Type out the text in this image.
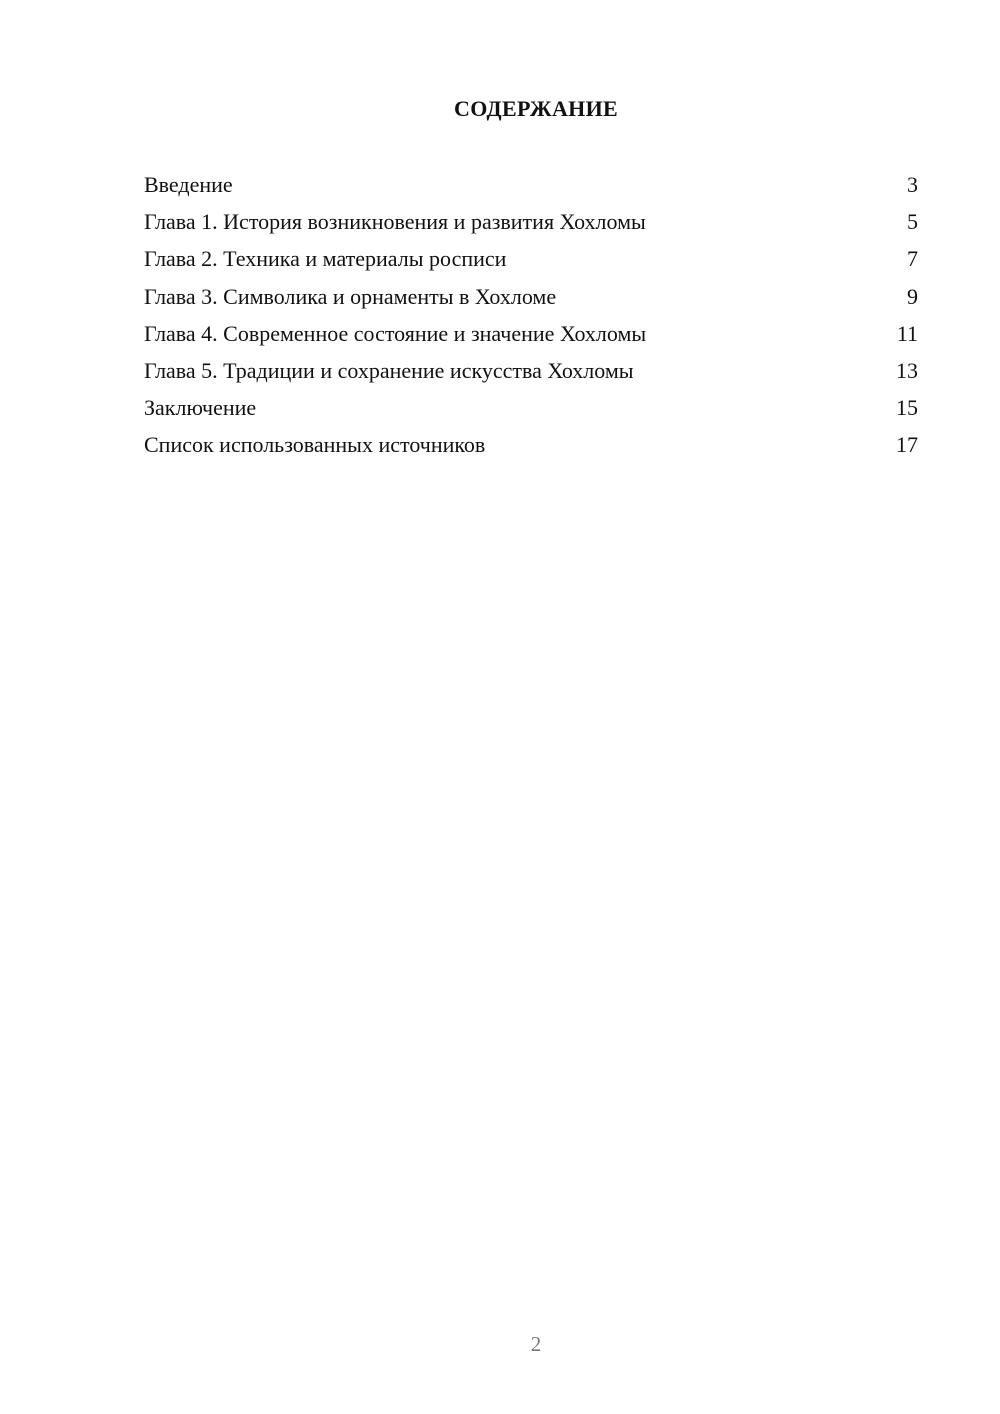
СОДЕРЖАНИЕ
Введение	3
Глава 1. История возникновения и развития Хохломы	5
Глава 2. Техника и материалы росписи	7
Глава 3. Символика и орнаменты в Хохломе	9
Глава 4. Современное состояние и значение Хохломы	11
Глава 5. Традиции и сохранение искусства Хохломы	13
Заключение	15
Список использованных источников	17
2
